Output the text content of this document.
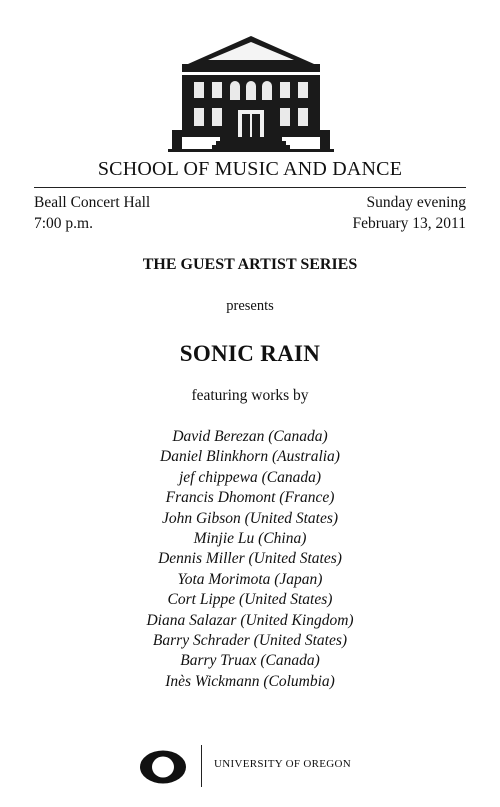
SCHOOL OF MUSIC AND DANCE
Beall Concert Hall
7:00 p.m.
Sunday evening
February 13, 2011
THE GUEST ARTIST SERIES
presents
SONIC RAIN
featuring works by
David Berezan (Canada)
Daniel Blinkhorn (Australia)
jef chippewa (Canada)
Francis Dhomont (France)
John Gibson (United States)
Minjie Lu (China)
Dennis Miller (United States)
Yota Morimota (Japan)
Cort Lippe (United States)
Diana Salazar (United Kingdom)
Barry Schrader (United States)
Barry Truax (Canada)
Inès Wickmann (Columbia)
UNIVERSITY OF OREGON
